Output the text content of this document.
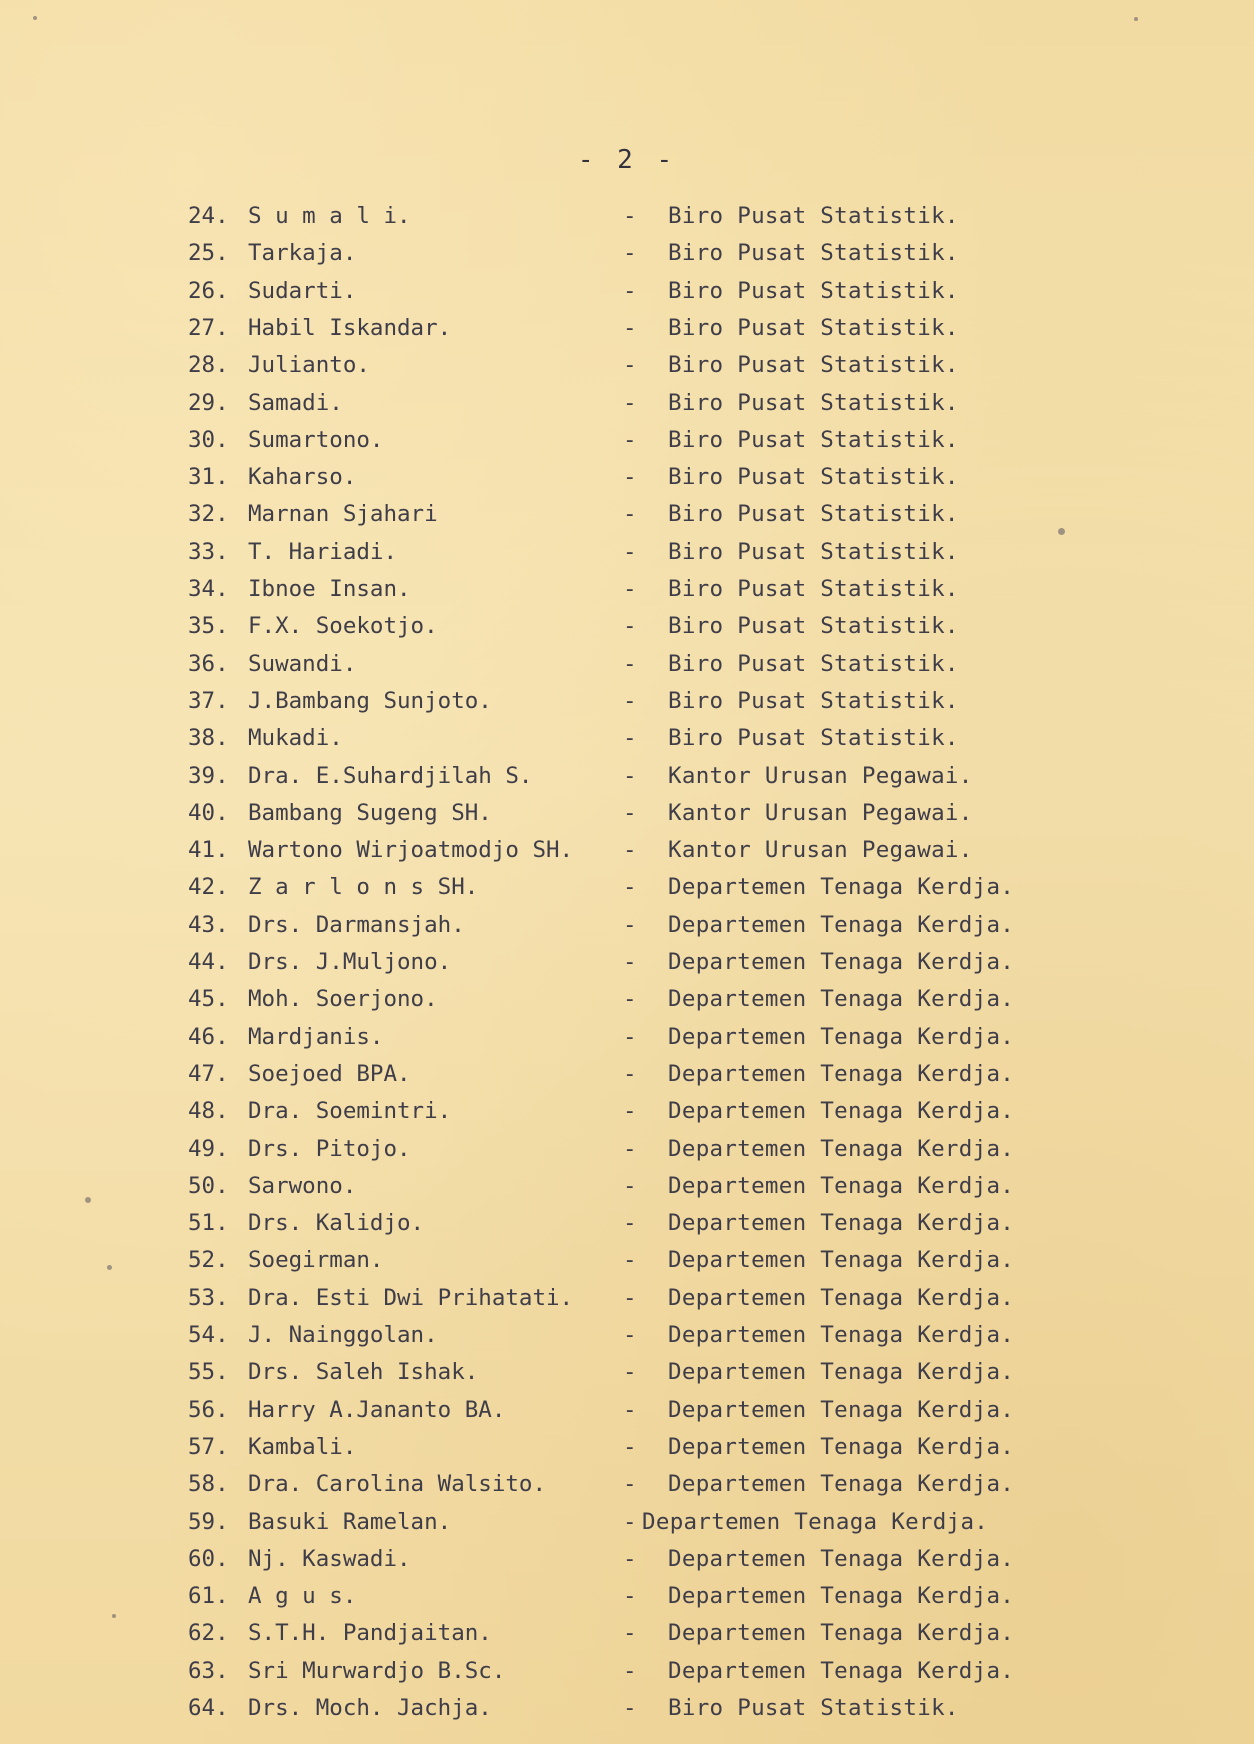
- 2 -
24. S u m a l i.	- Biro Pusat Statistik.
25. Tarkaja.	- Biro Pusat Statistik.
26. Sudarti.	- Biro Pusat Statistik.
27. Habil Iskandar.	- Biro Pusat Statistik.
28. Julianto.	- Biro Pusat Statistik.
29. Samadi.	- Biro Pusat Statistik.
30. Sumartono.	- Biro Pusat Statistik.
31. Kaharso.	- Biro Pusat Statistik.
32. Marnan Sjahari	- Biro Pusat Statistik.
33. T. Hariadi.	- Biro Pusat Statistik.
34. Ibnoe Insan.	- Biro Pusat Statistik.
35. F.X. Soekotjo.	- Biro Pusat Statistik.
36. Suwandi.	- Biro Pusat Statistik.
37. J.Bambang Sunjoto.	- Biro Pusat Statistik.
38. Mukadi.	- Biro Pusat Statistik.
39. Dra. E.Suhardjilah S.	- Kantor Urusan Pegawai.
40. Bambang Sugeng SH.	- Kantor Urusan Pegawai.
41. Wartono Wirjoatmodjo SH. - Kantor Urusan Pegawai.
42. Z a r l o n s SH.	- Departemen Tenaga Kerdja.
43. Drs. Darmansjah.	- Departemen Tenaga Kerdja.
44. Drs. J.Muljono.	- Departemen Tenaga Kerdja.
45. Moh. Soerjono.	- Departemen Tenaga Kerdja.
46. Mardjanis.	- Departemen Tenaga Kerdja.
47. Soejoed BPA.	- Departemen Tenaga Kerdja.
48. Dra. Soemintri.	- Departemen Tenaga Kerdja.
49. Drs. Pitojo.	- Departemen Tenaga Kerdja.
50. Sarwono.	- Departemen Tenaga Kerdja.
51. Drs. Kalidjo.	- Departemen Tenaga Kerdja.
52. Soegirman.	- Departemen Tenaga Kerdja.
53. Dra. Esti Dwi Prihatati. - Departemen Tenaga Kerdja.
54. J. Nainggolan.	- Departemen Tenaga Kerdja.
55. Drs. Saleh Ishak.	- Departemen Tenaga Kerdja.
56. Harry A.Jananto BA.	- Departemen Tenaga Kerdja.
57. Kambali.	- Departemen Tenaga Kerdja.
58. Dra. Carolina Walsito.	- Departemen Tenaga Kerdja.
59. Basuki Ramelan.	- Departemen Tenaga Kerdja.
60. Nj. Kaswadi.	- Departemen Tenaga Kerdja.
61. A g u s.	- Departemen Tenaga Kerdja.
62. S.T.H. Pandjaitan.	- Departemen Tenaga Kerdja.
63. Sri Murwardjo B.Sc.	- Departemen Tenaga Kerdja.
64. Drs. Moch. Jachja.	- Biro Pusat Statistik.
